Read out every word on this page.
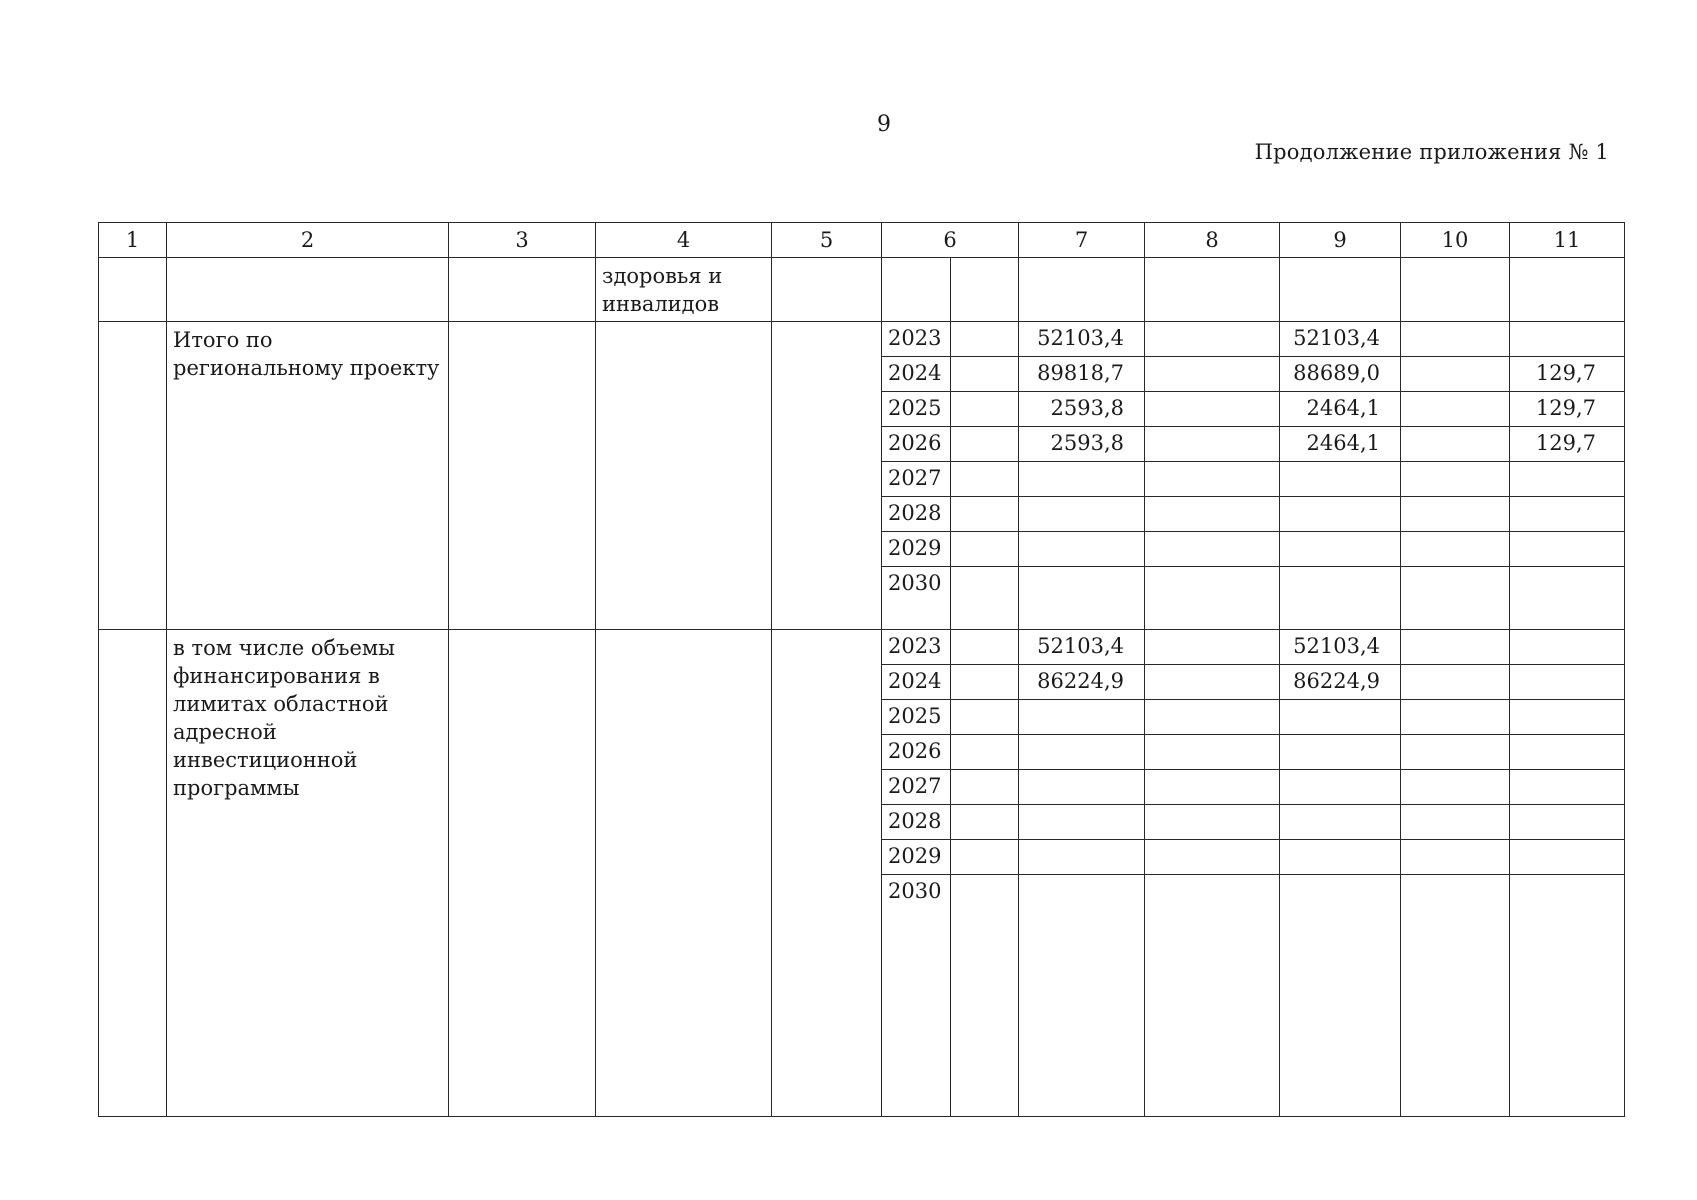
9
Продолжение приложения № 1
1	2	3	4	5	6		7	8	9	10	11
			здоровья и инвалидов								
	Итого по региональному проекту				2023		52103,4		52103,4		
					2024		89818,7		88689,0		129,7
					2025		2593,8		2464,1		129,7
					2026		2593,8		2464,1		129,7
					2027						
					2028						
					2029						
					2030						
	в том числе объемы финансирования в лимитах областной адресной инвестиционной программы				2023		52103,4		52103,4		
					2024		86224,9		86224,9		
					2025						
					2026						
					2027						
					2028						
					2029						
					2030						
